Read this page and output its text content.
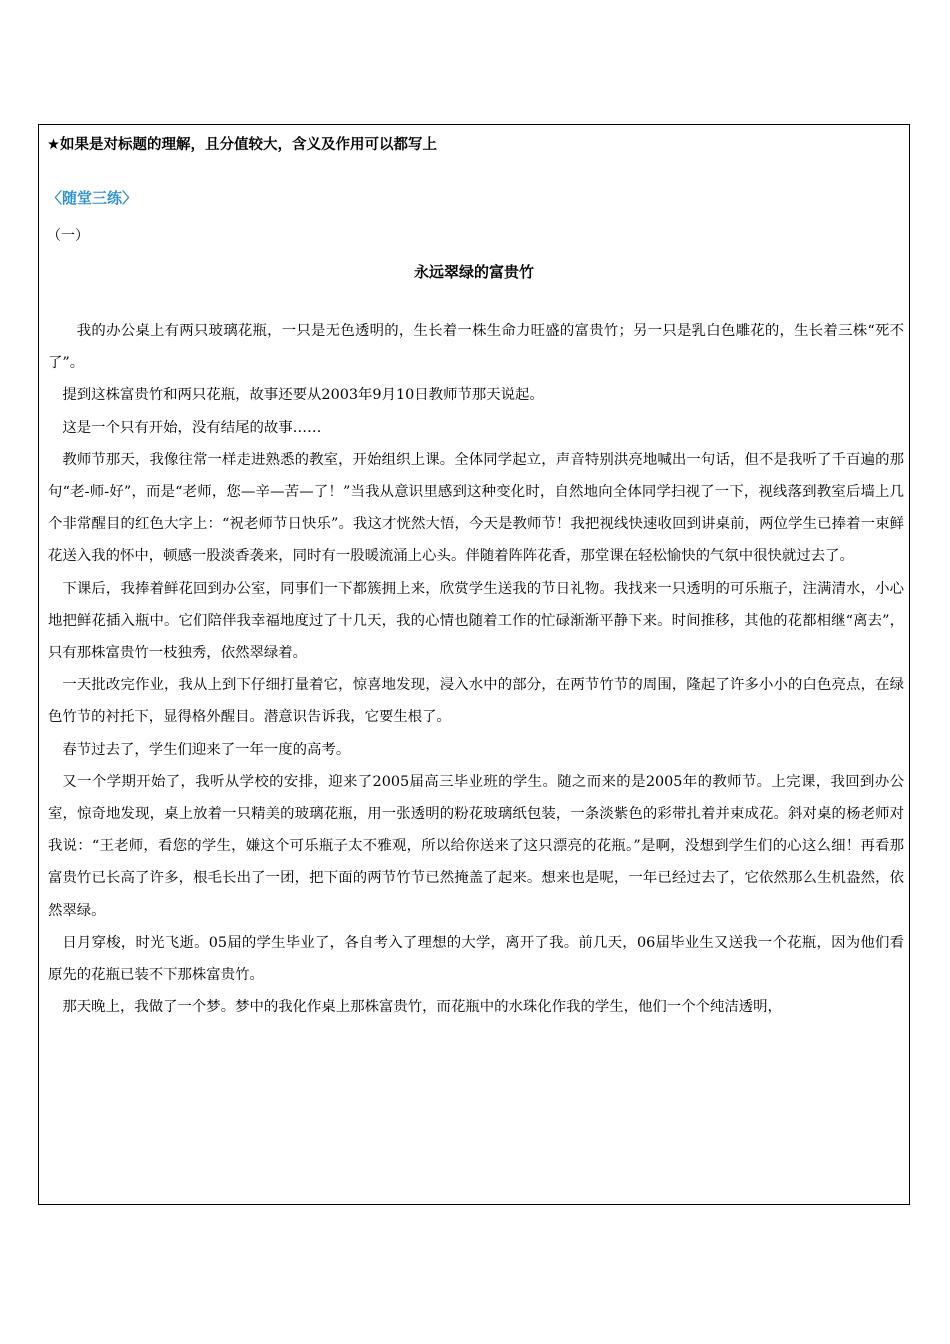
★如果是对标题的理解，且分值较大，含义及作用可以都写上
〈随堂三练〉
（一）
永远翠绿的富贵竹

我的办公桌上有两只玻璃花瓶，一只是无色透明的，生长着一株生命力旺盛的富贵竹；另一只是乳白色雕花的，生长着三株“死不了”。

提到这株富贵竹和两只花瓶，故事还要从2003年9月10日教师节那天说起。

这是一个只有开始，没有结尾的故事……

教师节那天，我像往常一样走进熟悉的教室，开始组织上课。全体同学起立，声音特别洪亮地喊出一句话，但不是我听了千百遍的那句“老-师-好”，而是“老师，您—辛—苦—了！”当我从意识里感到这种变化时，自然地向全体同学扫视了一下，视线落到教室后墙上几个非常醒目的红色大字上：“祝老师节日快乐”。我这才恍然大悟，今天是教师节！我把视线快速收回到讲桌前，两位学生已捧着一束鲜花送入我的怀中，顿感一股淡香袭来，同时有一股暖流涌上心头。伴随着阵阵花香，那堂课在轻松愉快的气氛中很快就过去了。

下课后，我捧着鲜花回到办公室，同事们一下都簇拥上来，欣赏学生送我的节日礼物。我找来一只透明的可乐瓶子，注满清水，小心地把鲜花插入瓶中。它们陪伴我幸福地度过了十几天，我的心情也随着工作的忙碌渐渐平静下来。时间推移，其他的花都相继“离去”，只有那株富贵竹一枝独秀，依然翠绿着。

一天批改完作业，我从上到下仔细打量着它，惊喜地发现，浸入水中的部分，在两节竹节的周围，隆起了许多小小的白色亮点，在绿色竹节的衬托下，显得格外醒目。潜意识告诉我，它要生根了。

春节过去了，学生们迎来了一年一度的高考。

又一个学期开始了，我听从学校的安排，迎来了2005届高三毕业班的学生。随之而来的是2005年的教师节。上完课，我回到办公室，惊奇地发现，桌上放着一只精美的玻璃花瓶，用一张透明的粉花玻璃纸包装，一条淡紫色的彩带扎着并束成花。斜对桌的杨老师对我说：“王老师，看您的学生，嫌这个可乐瓶子太不雅观，所以给你送来了这只漂亮的花瓶。”是啊，没想到学生们的心这么细！再看那富贵竹已长高了许多，根毛长出了一团，把下面的两节竹节已然掩盖了起来。想来也是呢，一年已经过去了，它依然那么生机盎然，依然翠绿。

日月穿梭，时光飞逝。05届的学生毕业了，各自考入了理想的大学，离开了我。前几天，06届毕业生又送我一个花瓶，因为他们看原先的花瓶已装不下那株富贵竹。

那天晚上，我做了一个梦。梦中的我化作桌上那株富贵竹，而花瓶中的水珠化作我的学生，他们一个个纯洁透明，
